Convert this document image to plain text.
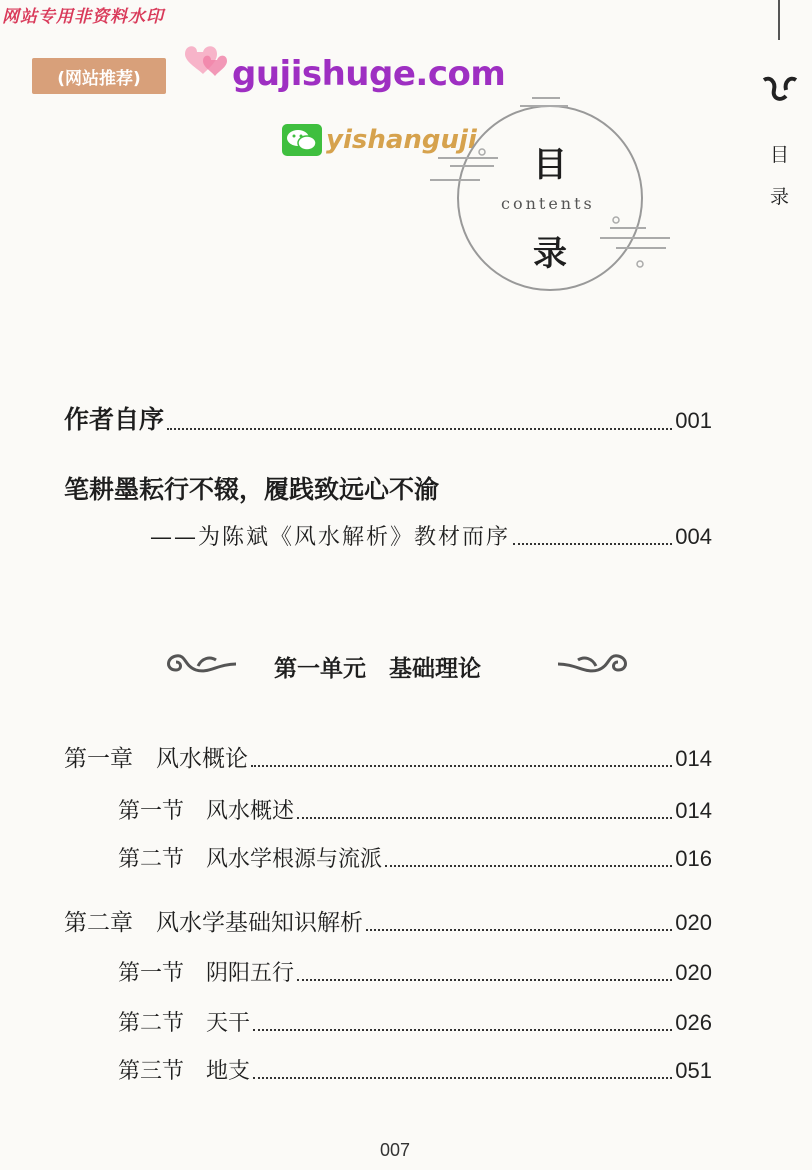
网站专用非资料水印
(网站推荐)	gujishuge.com
yishanguji
目
contents
录
目
录
作者自序	001
笔耕墨耘行不辍，履践致远心不渝
——为陈斌《风水解析》教材而序	004
第一单元　基础理论
第一章　风水概论	014
第一节　风水概述	014
第二节　风水学根源与流派	016
第二章　风水学基础知识解析	020
第一节　阴阳五行	020
第二节　天干	026
第三节　地支	051
007
